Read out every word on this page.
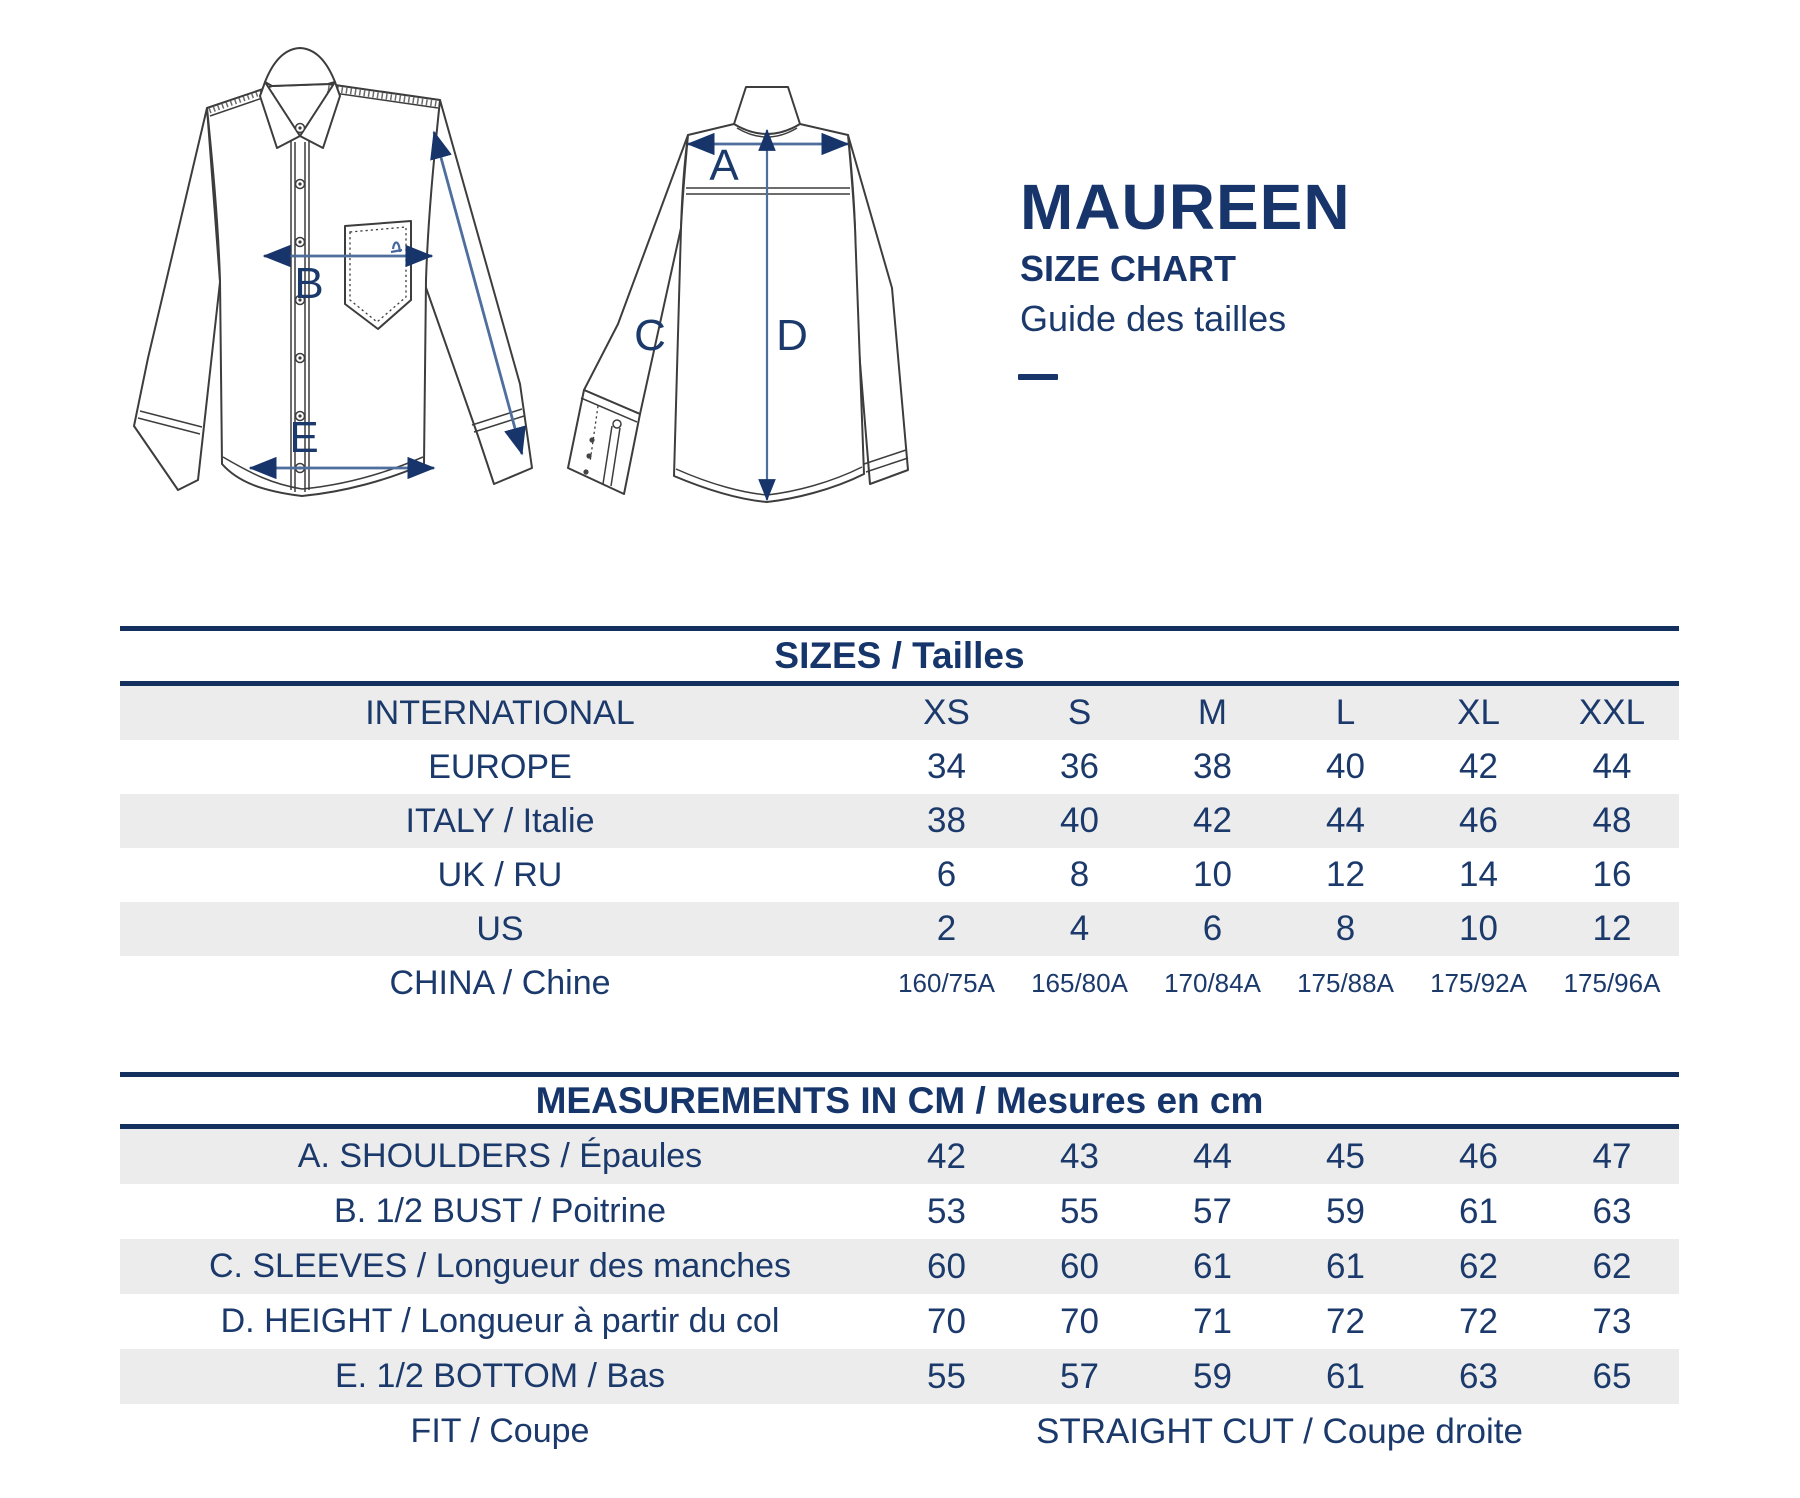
B
E
A
D
C
MAUREEN
SIZE CHART
Guide des tailles
SIZES / Tailles
INTERNATIONAL	XS	S	M	L	XL	XXL
EUROPE	34	36	38	40	42	44
ITALY / Italie	38	40	42	44	46	48
UK / RU	6	8	10	12	14	16
US	2	4	6	8	10	12
CHINA / Chine	160/75A	165/80A	170/84A	175/88A	175/92A	175/96A
MEASUREMENTS IN CM / Mesures en cm
A. SHOULDERS / Épaules	42	43	44	45	46	47
B. 1/2 BUST / Poitrine	53	55	57	59	61	63
C. SLEEVES / Longueur des manches	60	60	61	61	62	62
D. HEIGHT / Longueur à partir du col	70	70	71	72	72	73
E. 1/2 BOTTOM / Bas	55	57	59	61	63	65
FIT / Coupe	STRAIGHT CUT / Coupe droite					
